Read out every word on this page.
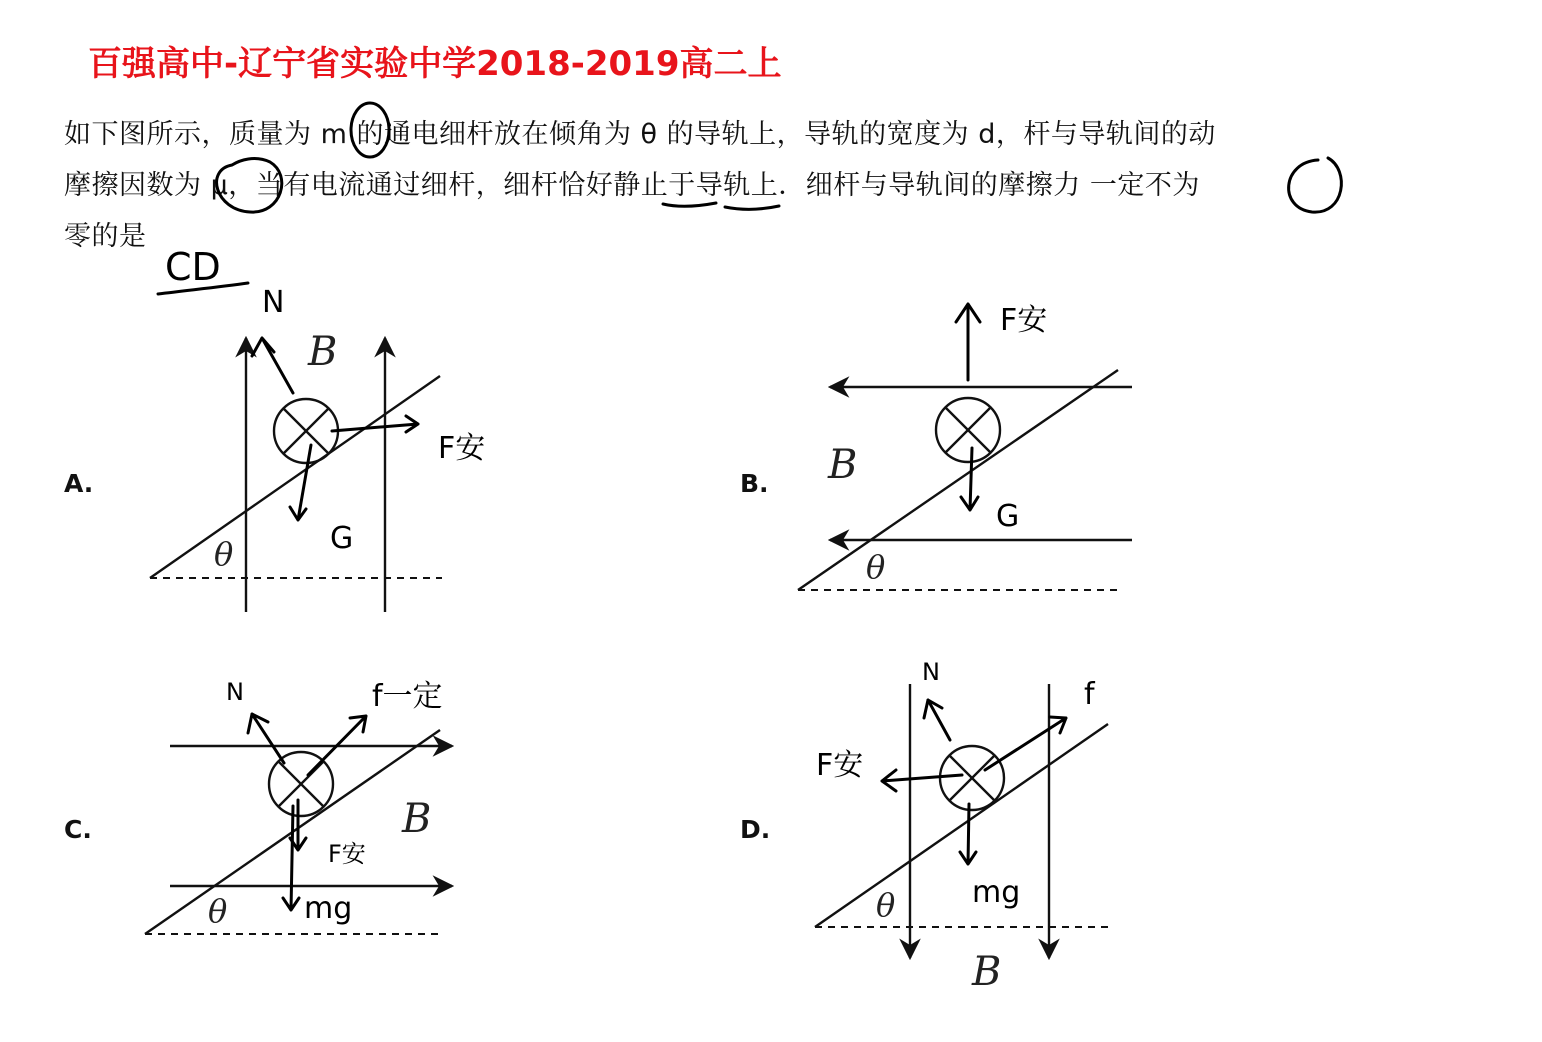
百强高中-辽宁省实验中学2018-2019高二上
如下图所示，质量为 m 的通电细杆放在倾角为 θ 的导轨上，导轨的宽度为 d，杆与导轨间的动
摩擦因数为 μ，当有电流通过细杆，细杆恰好静止于导轨上．细杆与导轨间的摩擦力 一定不为
零的是
CD
A.
B
θ
N
F安
G
B. B
θ
F安
G
C.	B
θ
N	f一定
F安
mg
D.
B
θ
N
f
F安
mg
